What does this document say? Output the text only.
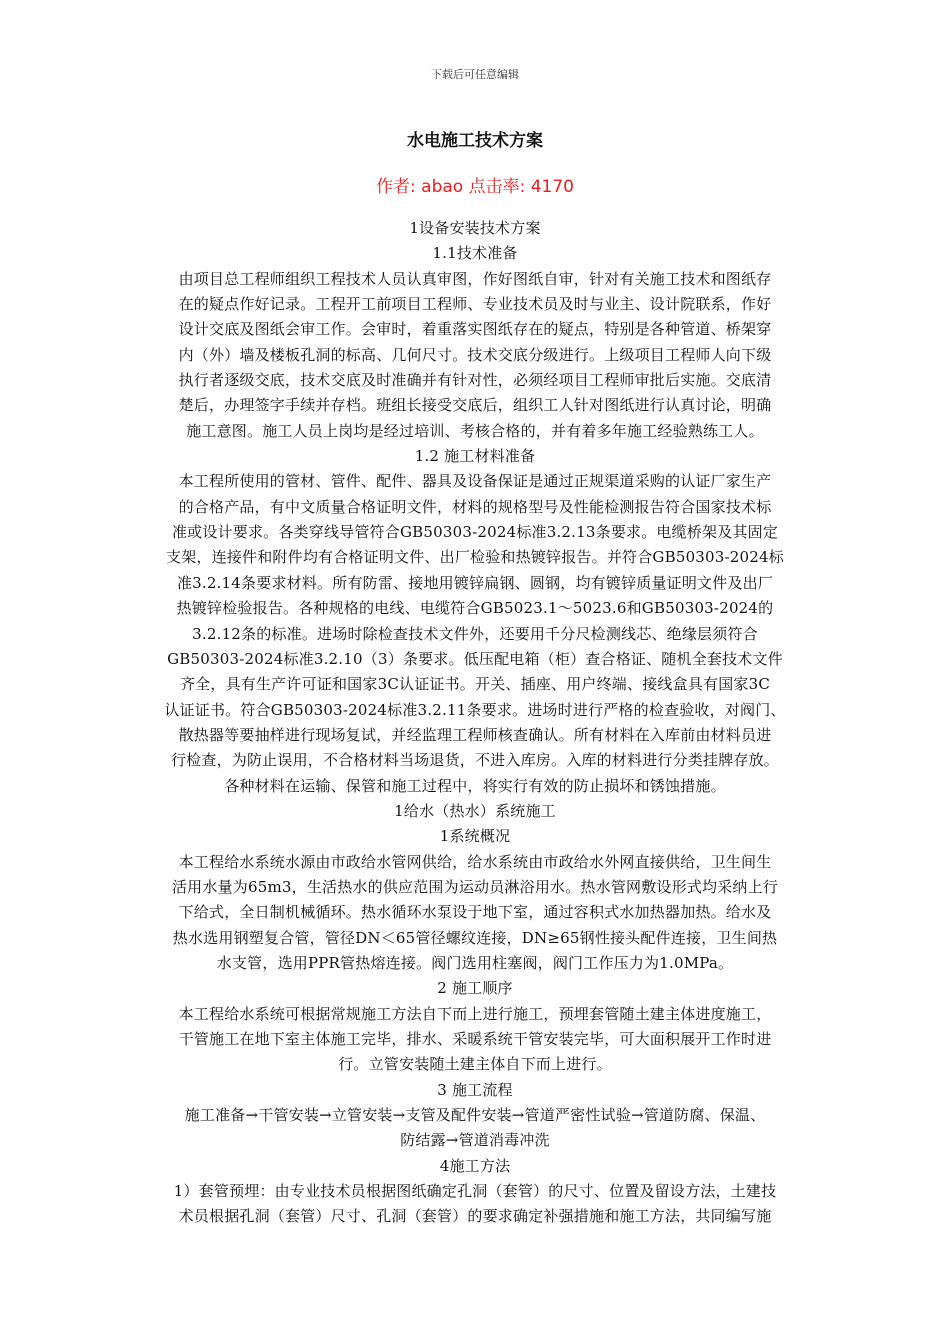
下载后可任意编辑
水电施工技术方案
作者: abao 点击率: 4170
1设备安装技术方案
1.1技术准备
由项目总工程师组织工程技术人员认真审图，作好图纸自审，针对有关施工技术和图纸存
在的疑点作好记录。工程开工前项目工程师、专业技术员及时与业主、设计院联系，作好
设计交底及图纸会审工作。会审时，着重落实图纸存在的疑点，特别是各种管道、桥架穿
内（外）墙及楼板孔洞的标高、几何尺寸。技术交底分级进行。上级项目工程师人向下级
执行者逐级交底，技术交底及时准确并有针对性，必须经项目工程师审批后实施。交底清
楚后，办理签字手续并存档。班组长接受交底后，组织工人针对图纸进行认真讨论，明确
施工意图。施工人员上岗均是经过培训、考核合格的，并有着多年施工经验熟练工人。
1.2 施工材料准备
本工程所使用的管材、管件、配件、器具及设备保证是通过正规渠道采购的认证厂家生产
的合格产品，有中文质量合格证明文件，材料的规格型号及性能检测报告符合国家技术标
准或设计要求。各类穿线导管符合GB50303-2024标准3.2.13条要求。电缆桥架及其固定
支架，连接件和附件均有合格证明文件、出厂检验和热镀锌报告。并符合GB50303-2024标
准3.2.14条要求材料。所有防雷、接地用镀锌扁钢、圆钢，均有镀锌质量证明文件及出厂
热镀锌检验报告。各种规格的电线、电缆符合GB5023.1～5023.6和GB50303-2024的
3.2.12条的标准。进场时除检查技术文件外，还要用千分尺检测线芯、绝缘层须符合
GB50303-2024标准3.2.10（3）条要求。低压配电箱（柜）查合格证、随机全套技术文件
齐全，具有生产许可证和国家3C认证证书。开关、插座、用户终端、接线盒具有国家3C
认证证书。符合GB50303-2024标准3.2.11条要求。进场时进行严格的检查验收，对阀门、
散热器等要抽样进行现场复试，并经监理工程师核查确认。所有材料在入库前由材料员进
行检查，为防止误用，不合格材料当场退货，不进入库房。入库的材料进行分类挂牌存放。
各种材料在运输、保管和施工过程中，将实行有效的防止损坏和锈蚀措施。
1给水（热水）系统施工
1系统概况
本工程给水系统水源由市政给水管网供给，给水系统由市政给水外网直接供给，卫生间生
活用水量为65m3，生活热水的供应范围为运动员淋浴用水。热水管网敷设形式均采纳上行
下给式，全日制机械循环。热水循环水泵设于地下室，通过容积式水加热器加热。给水及
热水选用钢塑复合管，管径DN＜65管径螺纹连接，DN≥65钢性接头配件连接，卫生间热
水支管，选用PPR管热熔连接。阀门选用柱塞阀，阀门工作压力为1.0MPa。
2 施工顺序
本工程给水系统可根据常规施工方法自下而上进行施工，预埋套管随土建主体进度施工，
干管施工在地下室主体施工完毕，排水、采暖系统干管安装完毕，可大面积展开工作时进
行。立管安装随土建主体自下而上进行。
3 施工流程
施工准备→干管安装→立管安装→支管及配件安装→管道严密性试验→管道防腐、保温、
防结露→管道消毒冲洗
4施工方法
1）套管预埋：由专业技术员根据图纸确定孔洞（套管）的尺寸、位置及留设方法，土建技
术员根据孔洞（套管）尺寸、孔洞（套管）的要求确定补强措施和施工方法，共同编写施
